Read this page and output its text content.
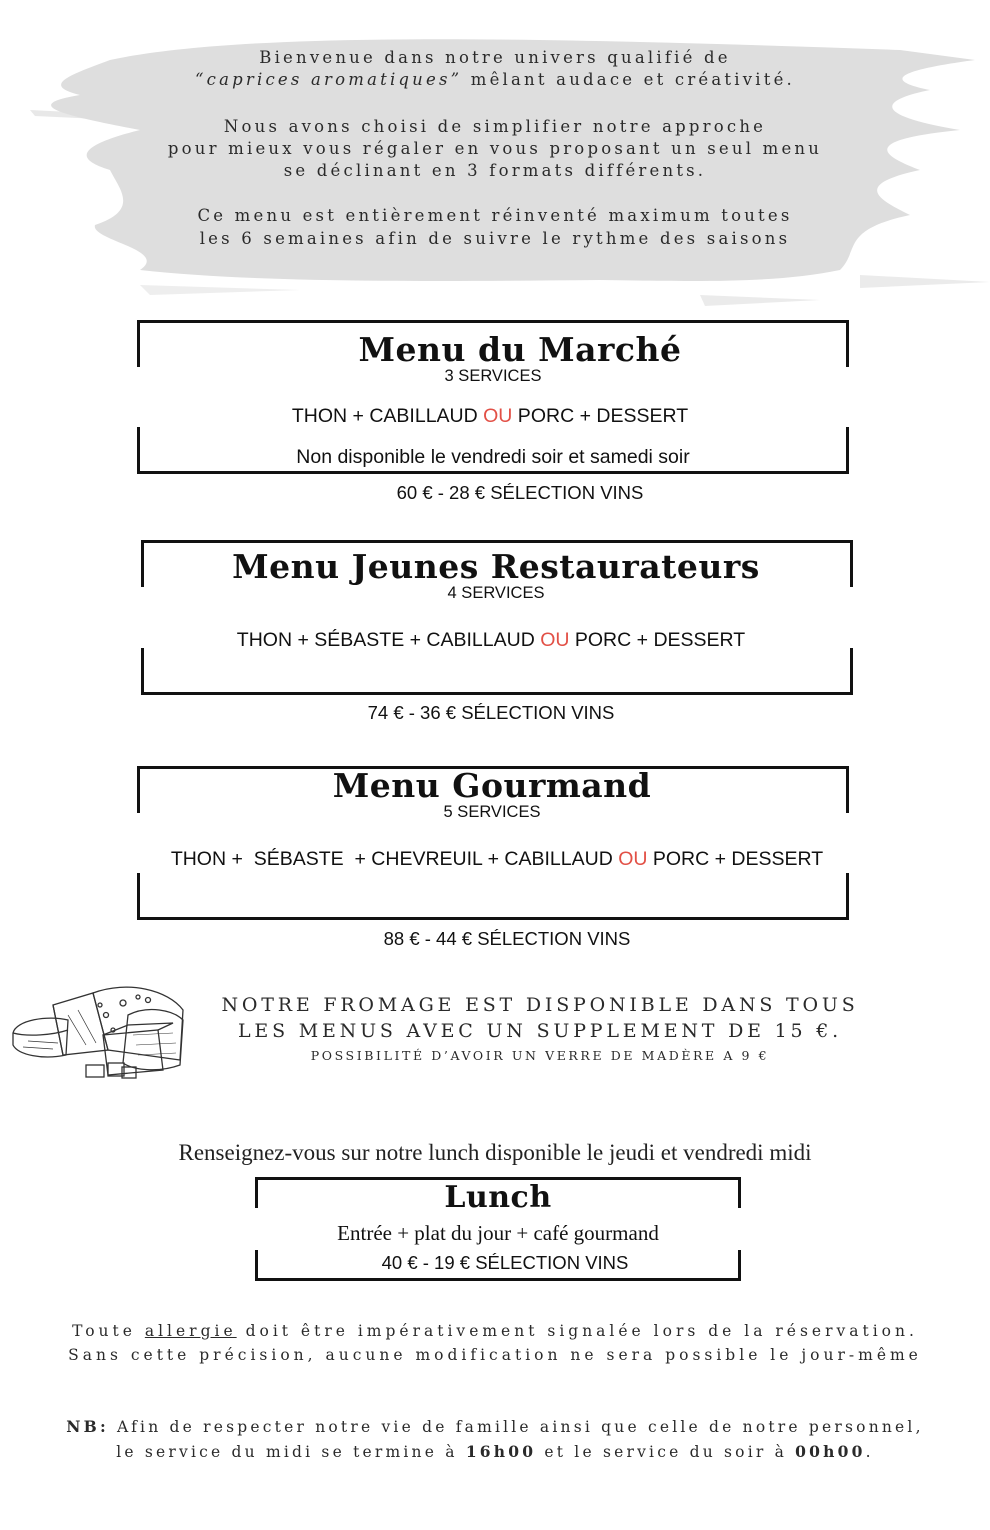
Bienvenue dans notre univers qualifié de
“caprices aromatiques” mêlant audace et créativité.
Nous avons choisi de simplifier notre approche
pour mieux vous régaler en vous proposant un seul menu
se déclinant en 3 formats différents.
Ce menu est entièrement réinventé maximum toutes
les 6 semaines afin de suivre le rythme des saisons
Menu du Marché
3 SERVICES
THON + CABILLAUD OU PORC + DESSERT
Non disponible le vendredi soir et samedi soir
60 € - 28 € SÉLECTION VINS
Menu Jeunes Restaurateurs
4 SERVICES
THON + SÉBASTE + CABILLAUD OU PORC + DESSERT
74 € - 36 € SÉLECTION VINS
Menu Gourmand
5 SERVICES
THON +  SÉBASTE  + CHEVREUIL + CABILLAUD OU PORC + DESSERT
88 € - 44 € SÉLECTION VINS
NOTRE FROMAGE EST DISPONIBLE DANS TOUS
LES MENUS AVEC UN SUPPLEMENT DE 15 €.
POSSIBILITÉ D’AVOIR UN VERRE DE MADÈRE A 9 €
Renseignez-vous sur notre lunch disponible le jeudi et vendredi midi
Lunch
Entrée + plat du jour + café gourmand
40 € - 19 € SÉLECTION VINS
Toute allergie doit être impérativement signalée lors de la réservation.
Sans cette précision, aucune modification ne sera possible le jour-même
NB: Afin de respecter notre vie de famille ainsi que celle de notre personnel,
le service du midi se termine à 16h00 et le service du soir à 00h00.
